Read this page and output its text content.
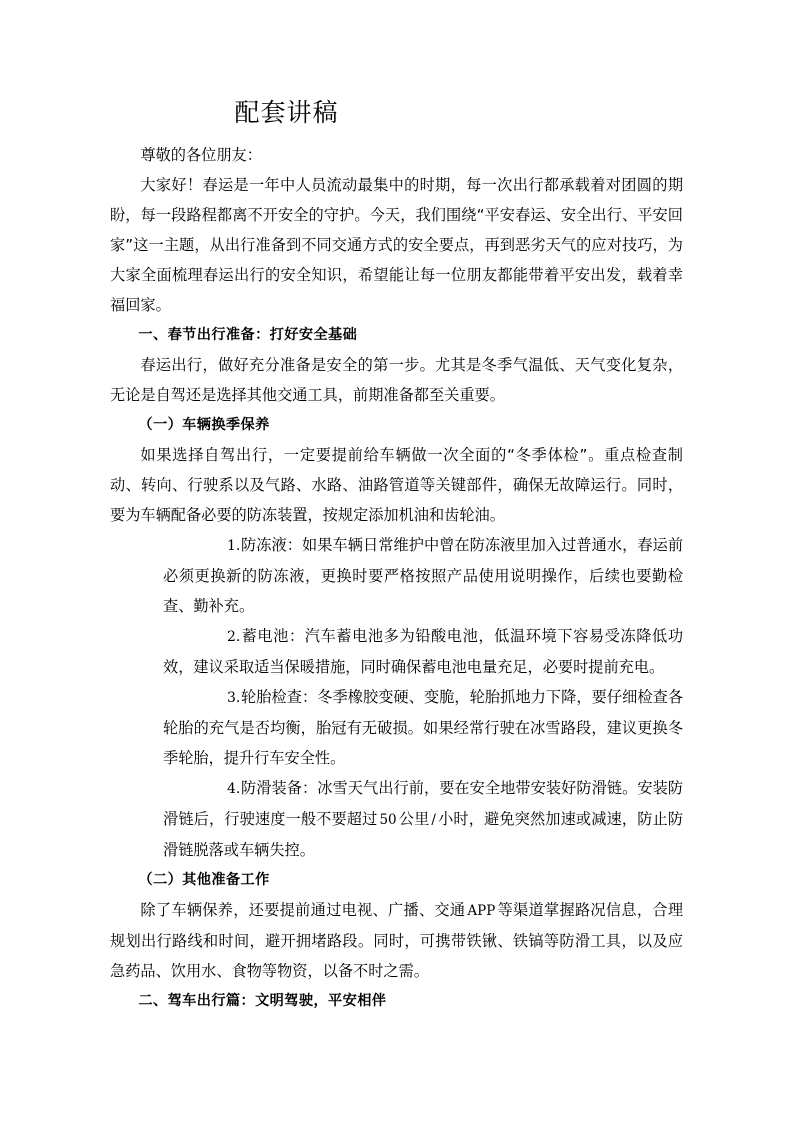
配套讲稿

尊敬的各位朋友：

大家好！春运是一年中人员流动最集中的时期，每一次出行都承载着对团圆的期盼，每一段路程都离不开安全的守护。今天，我们围绕“平安春运、安全出行、平安回家”这一主题，从出行准备到不同交通方式的安全要点，再到恶劣天气的应对技巧，为大家全面梳理春运出行的安全知识，希望能让每一位朋友都能带着平安出发，载着幸福回家。

一、春节出行准备：打好安全基础

春运出行，做好充分准备是安全的第一步。尤其是冬季气温低、天气变化复杂，无论是自驾还是选择其他交通工具，前期准备都至关重要。

（一）车辆换季保养

如果选择自驾出行，一定要提前给车辆做一次全面的“冬季体检”。重点检查制动、转向、行驶系以及气路、水路、油路管道等关键部件，确保无故障运行。同时，要为车辆配备必要的防冻装置，按规定添加机油和齿轮油。

1.防冻液：如果车辆日常维护中曾在防冻液里加入过普通水，春运前必须更换新的防冻液，更换时要严格按照产品使用说明操作，后续也要勤检查、勤补充。
2.蓄电池：汽车蓄电池多为铅酸电池，低温环境下容易受冻降低功效，建议采取适当保暖措施，同时确保蓄电池电量充足，必要时提前充电。
3.轮胎检查：冬季橡胶变硬、变脆，轮胎抓地力下降，要仔细检查各轮胎的充气是否均衡，胎冠有无破损。如果经常行驶在冰雪路段，建议更换冬季轮胎，提升行车安全性。
4.防滑装备：冰雪天气出行前，要在安全地带安装好防滑链。安装防滑链后，行驶速度一般不要超过 50 公里 / 小时，避免突然加速或减速，防止防滑链脱落或车辆失控。
（二）其他准备工作

除了车辆保养，还要提前通过电视、广播、交通 APP 等渠道掌握路况信息，合理规划出行路线和时间，避开拥堵路段。同时，可携带铁锹、铁镐等防滑工具，以及应急药品、饮用水、食物等物资，以备不时之需。

二、驾车出行篇：文明驾驶，平安相伴
